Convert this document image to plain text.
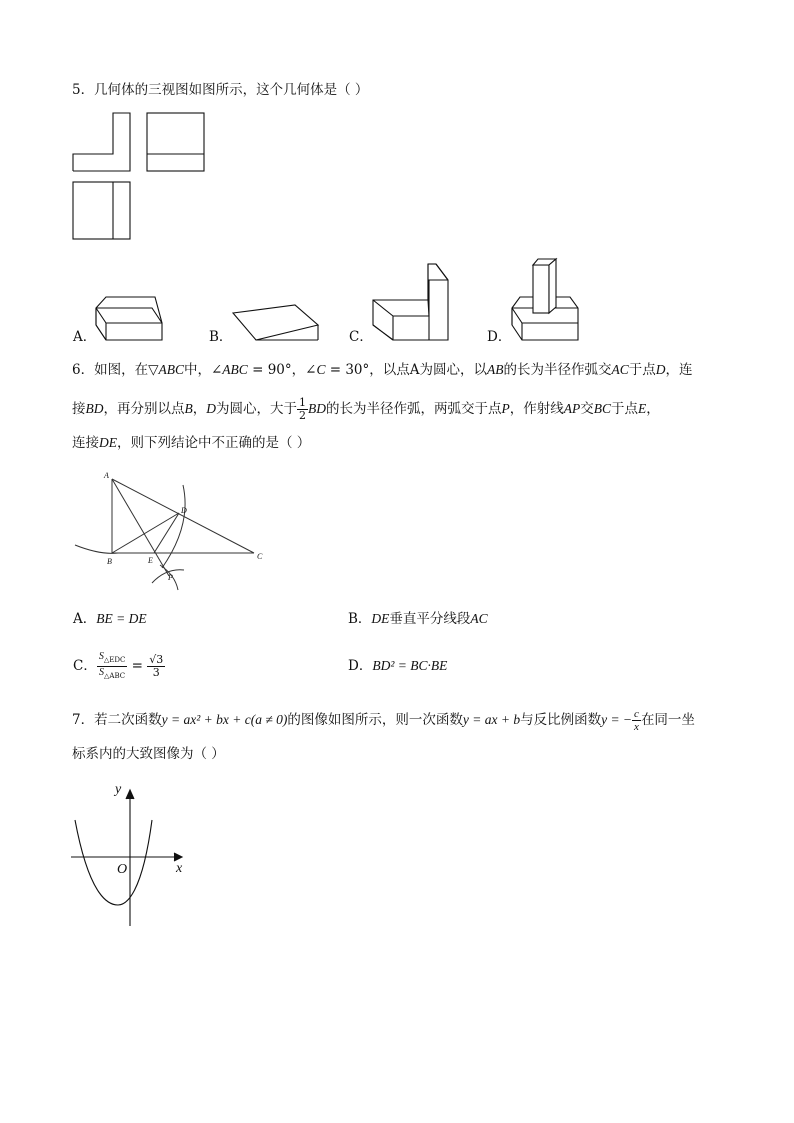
5．几何体的三视图如图所示，这个几何体是（ ）
A．	B．	C．	D．
6．如图，在▽ABC中，∠ABC = 90°，∠C = 30°，以点A为圆心，以AB的长为半径作弧交AC于点D，连
接BD，再分别以点B，D为圆心，大于 $\frac{1}{2}$ BD的长为半径作弧，两弧交于点P，作射线AP交BC于点E，
连接DE，则下列结论中不正确的是（ ）
A
B
C
D
E
P
A．BE = DE	B．DE垂直平分线段AC
C． $\frac{S_{\triangle EDC}}{S_{\triangle ABC}} = \frac{√3}{3}$	D．BD² = BC·BE
7．若二次函数y = ax² + bx + c(a ≠ 0)的图像如图所示，则一次函数y = ax + b与反比例函数y = − $\frac{c}{x}$ 在同一坐
标系内的大致图像为（ ）
y
x
O
